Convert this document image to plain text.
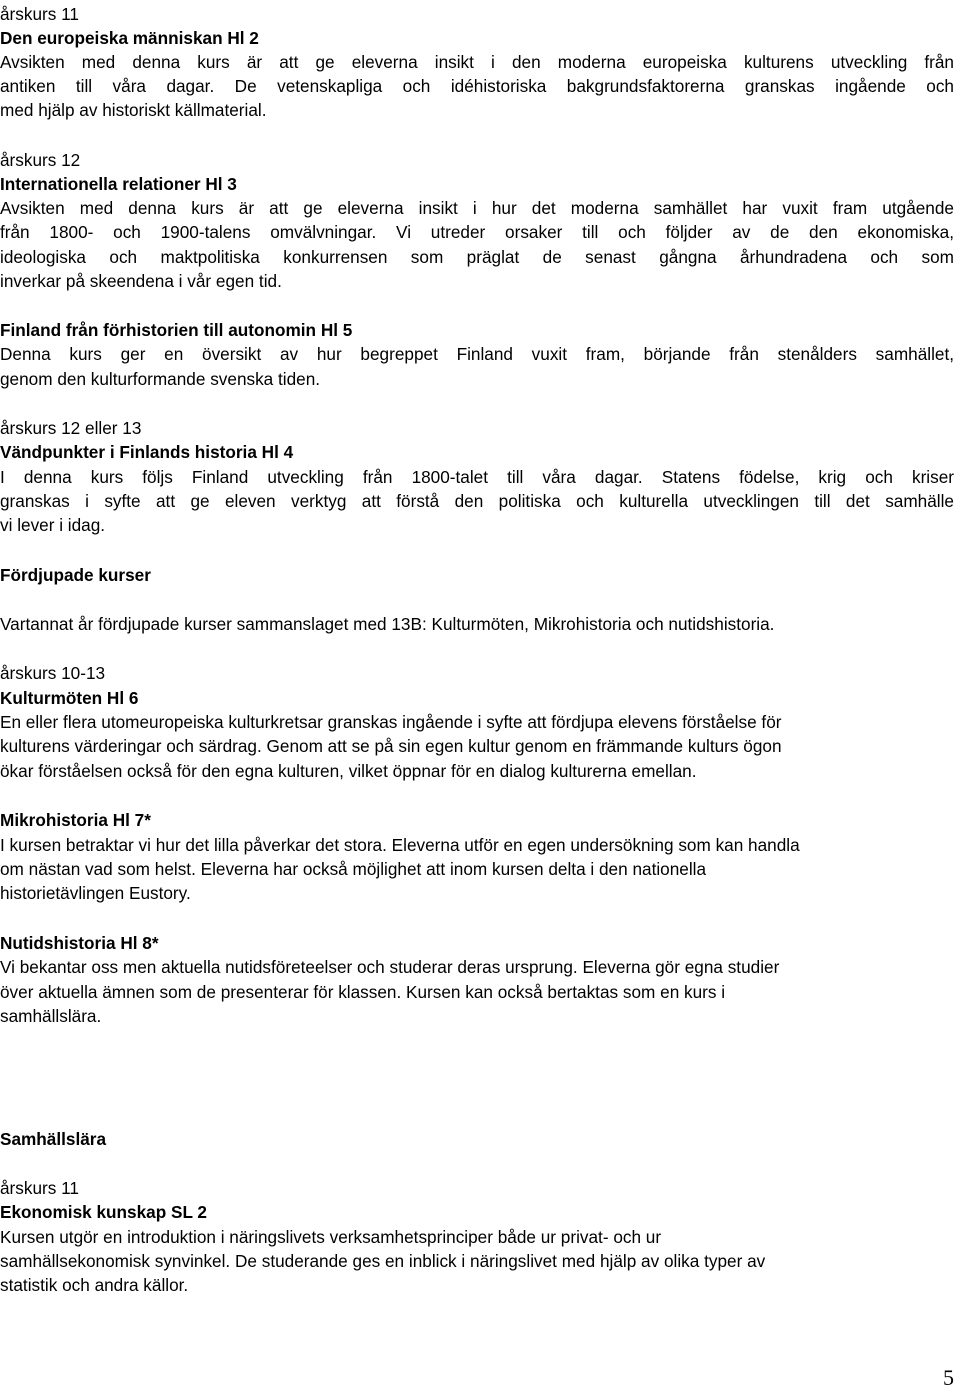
årskurs 11
Den europeiska människan Hl 2
Avsikten med denna kurs är att ge eleverna insikt i den moderna europeiska kulturens utveckling från
antiken till våra dagar. De vetenskapliga och idéhistoriska bakgrundsfaktorerna granskas ingående och
med hjälp av historiskt källmaterial.
årskurs 12
Internationella relationer Hl 3
Avsikten med denna kurs är att ge eleverna insikt i hur det moderna samhället har vuxit fram utgående
från 1800- och 1900-talens omvälvningar. Vi utreder orsaker till och följder av de den ekonomiska,
ideologiska och maktpolitiska konkurrensen som präglat de senast gångna århundradena och som
inverkar på skeendena i vår egen tid.
Finland från förhistorien till autonomin Hl 5
Denna kurs ger en översikt av hur begreppet Finland vuxit fram, börjande från stenålders samhället,
genom den kulturformande svenska tiden.
årskurs 12 eller 13
Vändpunkter i Finlands historia Hl 4
I denna kurs följs Finland utveckling från 1800-talet till våra dagar. Statens födelse, krig och kriser
granskas i syfte att ge eleven verktyg att förstå den politiska och kulturella utvecklingen till det samhälle
vi lever i idag.
Fördjupade kurser
Vartannat år fördjupade kurser sammanslaget med 13B: Kulturmöten, Mikrohistoria och nutidshistoria.
årskurs 10-13
Kulturmöten Hl 6
En eller flera utomeuropeiska kulturkretsar granskas ingående i syfte att fördjupa elevens förståelse för
kulturens värderingar och särdrag. Genom att se på sin egen kultur genom en främmande kulturs ögon
ökar förståelsen också för den egna kulturen, vilket öppnar för en dialog kulturerna emellan.
Mikrohistoria Hl 7*
I kursen betraktar vi hur det lilla påverkar det stora. Eleverna utför en egen undersökning som kan handla
om nästan vad som helst. Eleverna har också möjlighet att inom kursen delta i den nationella
historietävlingen Eustory.
Nutidshistoria Hl 8*
Vi bekantar oss men aktuella nutidsföreteelser och studerar deras ursprung. Eleverna gör egna studier
över aktuella ämnen som de presenterar för klassen. Kursen kan också bertaktas som en kurs i
samhällslära.
Samhällslära
årskurs 11
Ekonomisk kunskap SL 2
Kursen utgör en introduktion i näringslivets verksamhetsprinciper både ur privat- och ur
samhällsekonomisk synvinkel. De studerande ges en inblick i näringslivet med hjälp av olika typer av
statistik och andra källor.
5
